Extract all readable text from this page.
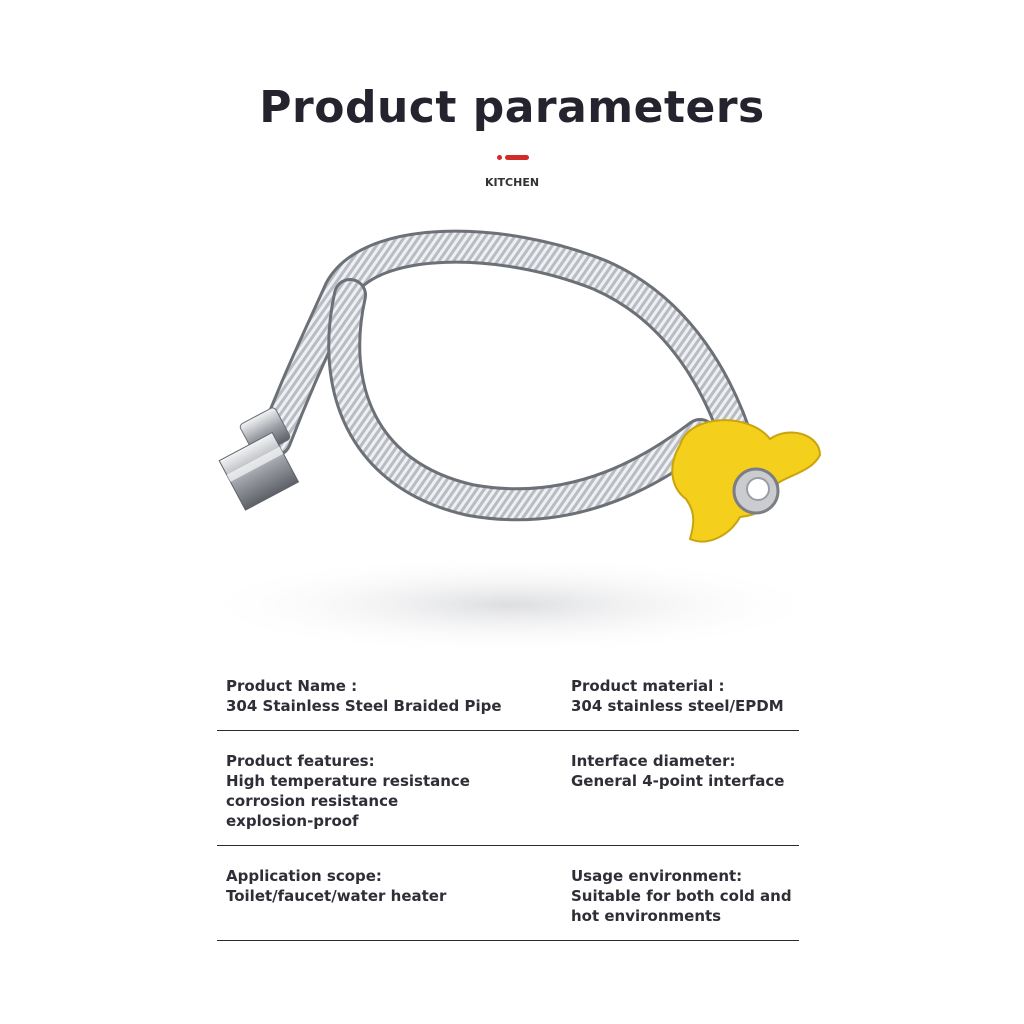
Product parameters
KITCHEN
Product Name :
304 Stainless Steel Braided Pipe
Product material :
304 stainless steel/EPDM
Product features:
High temperature resistance
corrosion resistance
explosion-proof
Interface diameter:
General 4-point interface
Application scope:
Toilet/faucet/water heater
Usage environment:
Suitable for both cold and
hot environments
